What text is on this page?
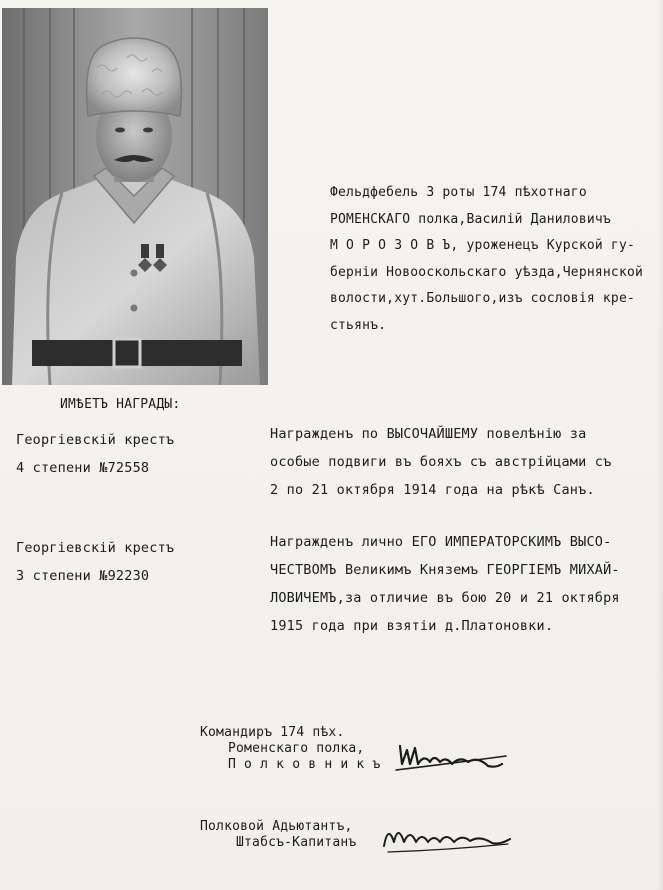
Фельдфебель 3 роты 174 пѣхотнаго
РОМЕНСКАГО полка,Василій Даниловичъ
М О Р О З О В Ъ, уроженецъ Курской гу-
берніи Новооскольскаго уѣзда,Чернянской
волости,хут.Большого,изъ сословія кре-
стьянъ.
ИМѢЕТЪ НАГРАДЫ:
Георгіевскій крестъ
4 степени №72558
Награжденъ по ВЫСОЧАЙШЕМУ повелѣнію за
особые подвиги въ бояхъ съ австрійцами съ
2 по 21 октября 1914 года на рѣкѣ Санъ.
Георгіевскій крестъ
3 степени №92230
Награжденъ лично ЕГО ИМПЕРАТОРСКИМЪ ВЫСО-
ЧЕСТВОМЪ Великимъ Княземъ ГЕОРГІЕМЪ МИХАЙ-
ЛОВИЧЕМЪ,за отличие въ бою 20 и 21 октября
1915 года при взятіи д.Платоновки.
Командиръ 174 пѣх.
Роменскаго полка,
П о л к о в н и к ъ
Полковой Адьютантъ,
Штабсъ-Капитанъ
